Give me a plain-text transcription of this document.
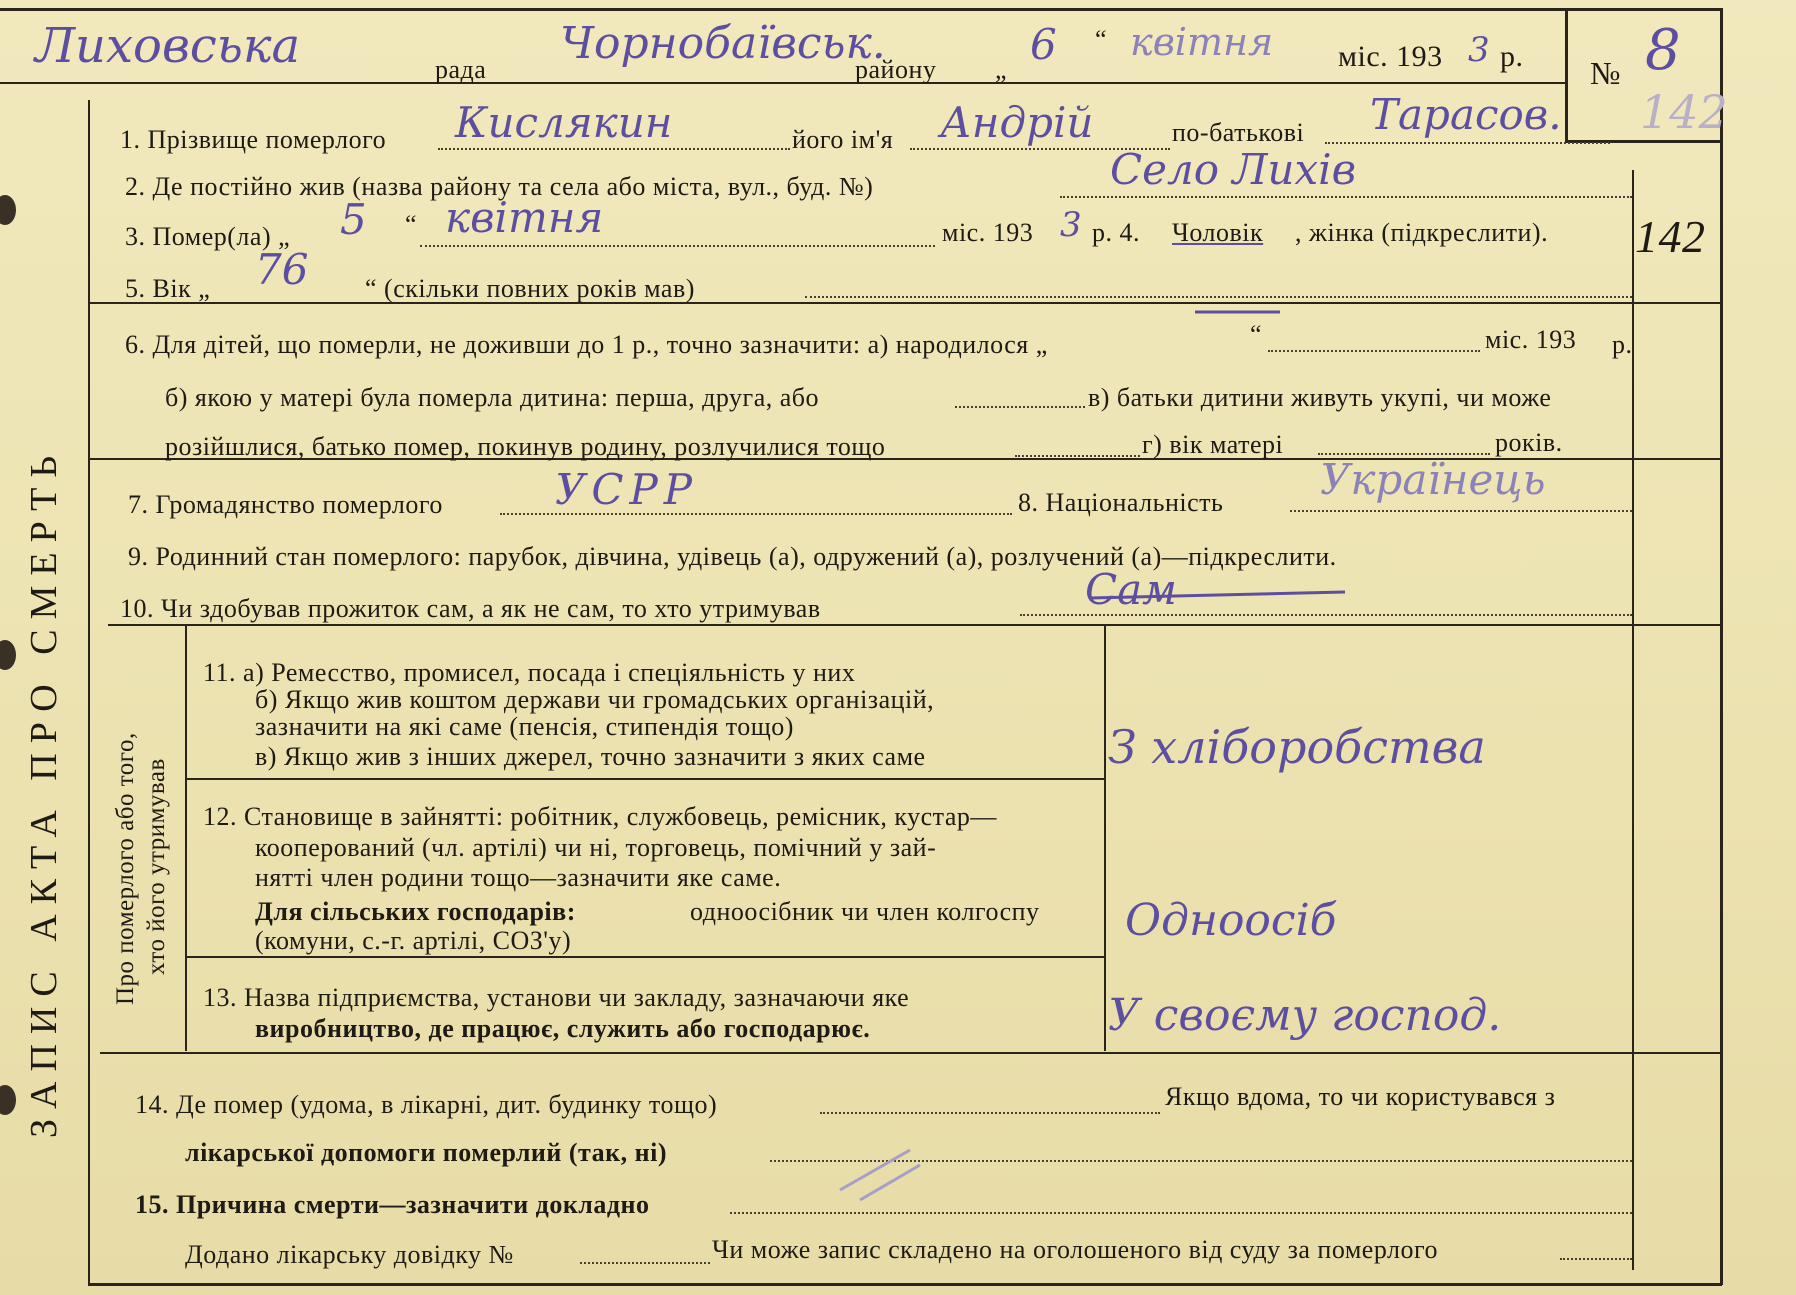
ЗАПИС АКТА ПРО СМЕРТЬ Про померлого або того, хто його утримував
Лиховська	рада
Чорнобаївськ.
району „
6 “ квітня міс. 193 3 р. № 8
142
142
1. Прізвище померлого Кислякин	його ім'я Андрій	по-батькові Тарасов.
2. Де постійно жив (назва району та села або міста, вул., буд. №)	Село Лихів
3. Помер(ла) „ 5 “ квітня	міс. 193 3 р. 4. Чоловік , жінка (підкреслити).
5. Вік „ 76 “ (скільки повних років мав)
6. Для дітей, що померли, не доживши до 1 р., точно зазначити: а) народилося „	“	міс. 193 р.
б) якою у матері була померла дитина: перша, друга, або	в) батьки дитини живуть укупі, чи може
розійшлися, батько помер, покинув родину, розлучилися тощо	г) вік матері	років.
7. Громадянство померлого	УСРР	8. Національність Українець
9. Родинний стан померлого: парубок, дівчина, удівець (а), одружений (а), розлучений (а)—підкреслити.
10. Чи здобував прожиток сам, а як не сам, то хто утримував	Сам
11. а) Ремесство, промисел, посада і спеціяльність у них
б) Якщо жив коштом держави чи громадських організацій,
зазначити на які саме (пенсія, стипендія тощо)
в) Якщо жив з інших джерел, точно зазначити з яких саме	З хліборобства
12. Становище в зайнятті: робітник, службовець, ремісник, кустар—
кооперований (чл. артілі) чи ні, торговець, помічний у зай-
нятті член родини тощо—зазначити яке саме.
Для сільських господарів:	одноосібник чи член колгоспу
(комуни, с.-г. артілі, СОЗ'у)	Одноосіб
13. Назва підприємства, установи чи закладу, зазначаючи яке
виробництво, де працює, служить або господарює.	У своєму господ.
14. Де помер (удома, в лікарні, дит. будинку тощо)	Якщо вдома, то чи користувався з
лікарської допомоги померлий (так, ні)
15. Причина смерти—зазначити докладно
Додано лікарську довідку №	Чи може запис складено на оголошеного від суду за померлого
